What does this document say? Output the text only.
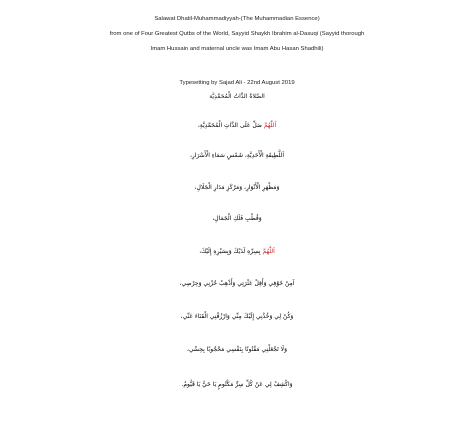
Salawat Dhatil-Muhammadiyyah-(The Muhammadian Essence)
from one of Four Greatest Qutbs of the World, Sayyid Shaykh Ibrahim al-Dasuqi (Sayyid thorough
Imam Hussain and maternal uncle was Imam Abu Hasan Shadhili)
Typesetting by Sajad Ali - 22nd August 2019
الصَّلاةُ الذَّاتُ الْمُحَمَّدِيَّة
اَللّٰهُمَّ صَلِّ عَلَى الذَّاتِ الْمُحَمَّدِيَّةِ،
اَللَّطِيفَةِ الْأَحَدِيَّةِ، شَمْسِ سَمَاءِ الْأَسْرَارِ،
وَمَظْهَرِ الْأَنْوَارِ، وَمَرْكَزِ مَدَارِ الْجَلَالِ،
وَقُطْبِ فَلَكِ الْجَمَالِ،
اَللّٰهُمَّ بِسِرِّهِ لَدَيْكَ وَبِسَيْرِهِ إِلَيْكَ،
آمِنْ خَوْفِي وَأَقِلْ عَثْرَتِي وَأَذْهِبْ حُزْنِي وَحِرْصِي،
وَكُنْ لِي وَخُذْنِي إِلَيْكَ مِنِّي وَارْزُقْنِي الْفَنَاءَ عَنِّي،
وَلَا تَجْعَلْنِي مَفْتُونًا بِنَفْسِي مَحْجُوبًا بِحِسِّي،
وَاكْشِفْ لِي عَنْ كُلِّ سِرٍّ مَكْتُومٍ يَا حَيُّ يَا قَيُّومُ.
